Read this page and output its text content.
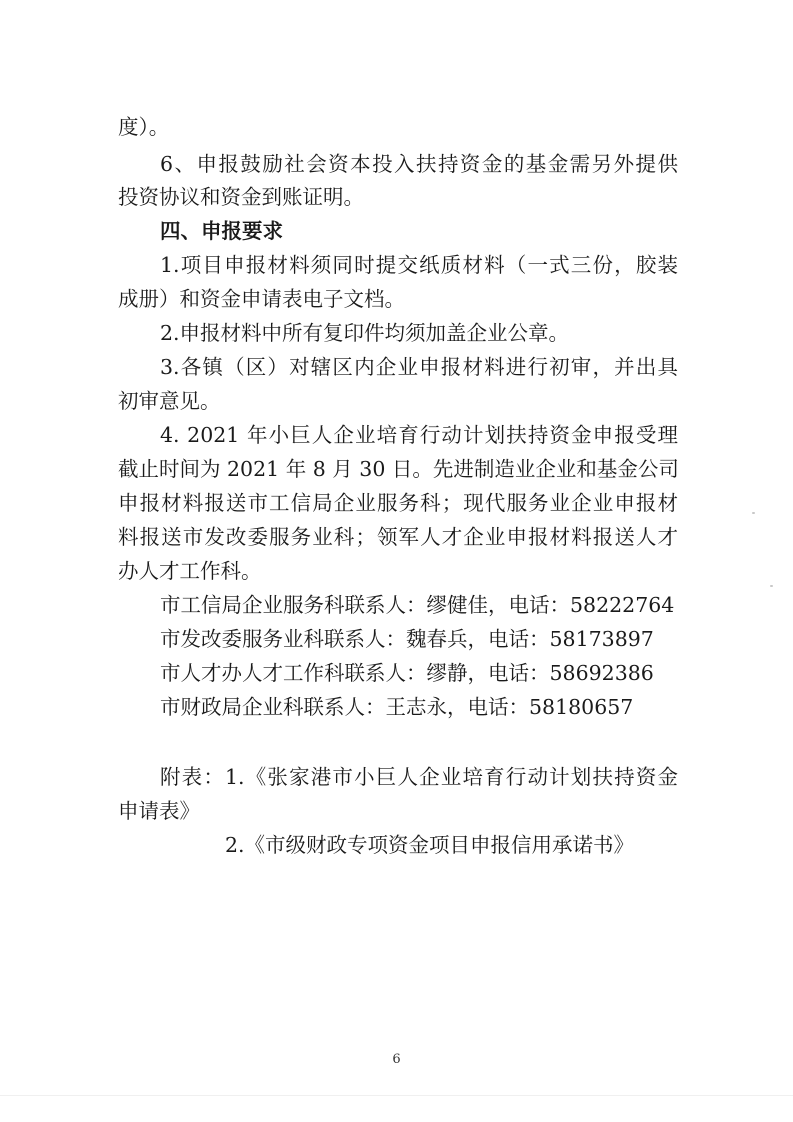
度）。
6、申报鼓励社会资本投入扶持资金的基金需另外提供
投资协议和资金到账证明。
四、申报要求
1.项目申报材料须同时提交纸质材料（一式三份，胶装
成册）和资金申请表电子文档。
2.申报材料中所有复印件均须加盖企业公章。
3.各镇（区）对辖区内企业申报材料进行初审，并出具
初审意见。
4. 2021 年小巨人企业培育行动计划扶持资金申报受理
截止时间为 2021 年 8 月 30 日。先进制造业企业和基金公司
申报材料报送市工信局企业服务科；现代服务业企业申报材
料报送市发改委服务业科；领军人才企业申报材料报送人才
办人才工作科。
市工信局企业服务科联系人：缪健佳，电话：58222764
市发改委服务业科联系人：魏春兵，电话：58173897
市人才办人才工作科联系人：缪静，电话：58692386
市财政局企业科联系人：王志永，电话：58180657
附表：1.《张家港市小巨人企业培育行动计划扶持资金
申请表》
2.《市级财政专项资金项目申报信用承诺书》
6
